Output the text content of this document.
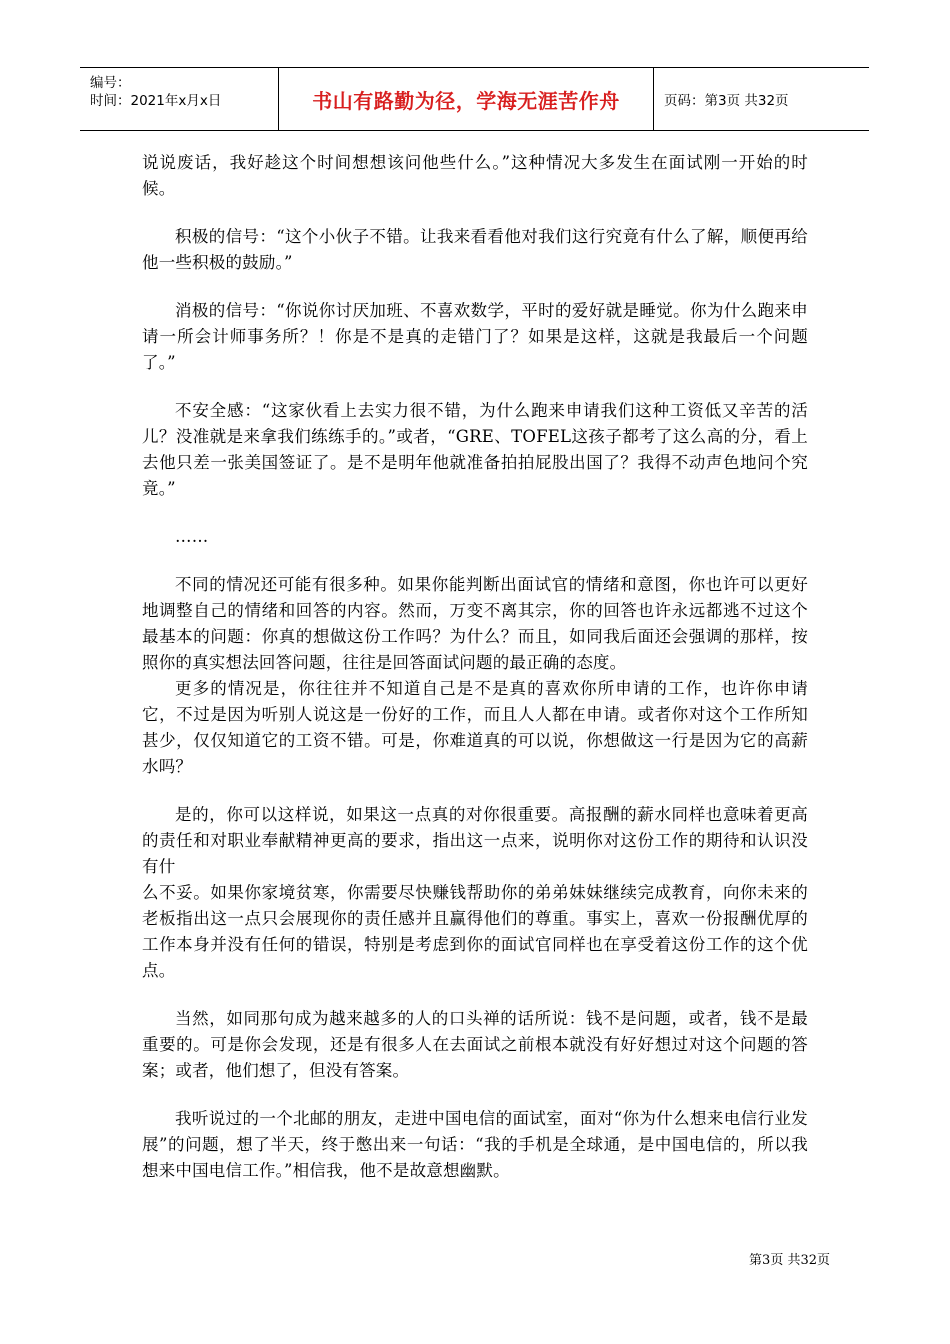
编号：
时间：2021年x月x日	书山有路勤为径，学海无涯苦作舟	页码：第3页 共32页

说说废话，我好趁这个时间想想该问他些什么。”这种情况大多发生在面试刚一开始的时候。

积极的信号：“这个小伙子不错。让我来看看他对我们这行究竟有什么了解，顺便再给他一些积极的鼓励。”

消极的信号：“你说你讨厌加班、不喜欢数学，平时的爱好就是睡觉。你为什么跑来申请一所会计师事务所？！你是不是真的走错门了？如果是这样，这就是我最后一个问题了。”

不安全感：“这家伙看上去实力很不错，为什么跑来申请我们这种工资低又辛苦的活儿？没准就是来拿我们练练手的。”或者，“GRE、TOFEL这孩子都考了这么高的分，看上去他只差一张美国签证了。是不是明年他就准备拍拍屁股出国了？我得不动声色地问个究竟。”

……

不同的情况还可能有很多种。如果你能判断出面试官的情绪和意图，你也许可以更好地调整自己的情绪和回答的内容。然而，万变不离其宗，你的回答也许永远都逃不过这个最基本的问题：你真的想做这份工作吗？为什么？而且，如同我后面还会强调的那样，按照你的真实想法回答问题，往往是回答面试问题的最正确的态度。

更多的情况是，你往往并不知道自己是不是真的喜欢你所申请的工作，也许你申请它，不过是因为听别人说这是一份好的工作，而且人人都在申请。或者你对这个工作所知甚少，仅仅知道它的工资不错。可是，你难道真的可以说，你想做这一行是因为它的高薪水吗？

是的，你可以这样说，如果这一点真的对你很重要。高报酬的薪水同样也意味着更高的责任和对职业奉献精神更高的要求，指出这一点来，说明你对这份工作的期待和认识没有什

么不妥。如果你家境贫寒，你需要尽快赚钱帮助你的弟弟妹妹继续完成教育，向你未来的老板指出这一点只会展现你的责任感并且赢得他们的尊重。事实上，喜欢一份报酬优厚的工作本身并没有任何的错误，特别是考虑到你的面试官同样也在享受着这份工作的这个优点。

当然，如同那句成为越来越多的人的口头禅的话所说：钱不是问题，或者，钱不是最重要的。可是你会发现，还是有很多人在去面试之前根本就没有好好想过对这个问题的答案；或者，他们想了，但没有答案。

我听说过的一个北邮的朋友，走进中国电信的面试室，面对“你为什么想来电信行业发展”的问题，想了半天，终于憋出来一句话：“我的手机是全球通，是中国电信的，所以我想来中国电信工作。”相信我，他不是故意想幽默。

第3页 共32页
